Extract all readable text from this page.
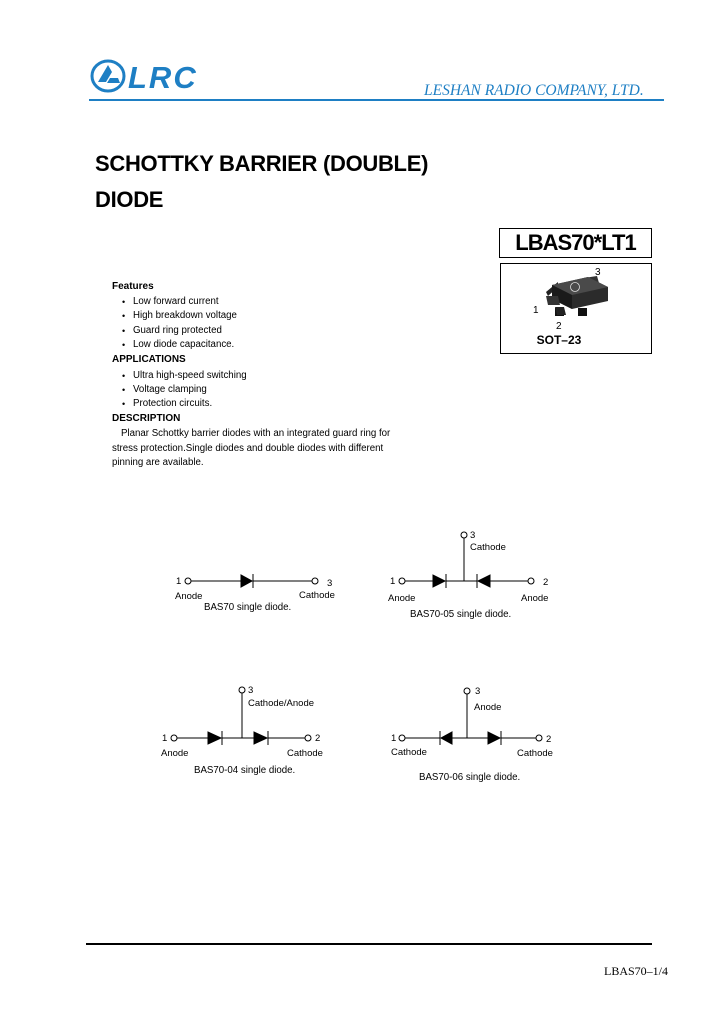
LRC	LESHAN RADIO COMPANY, LTD.
SCHOTTKY BARRIER (DOUBLE)
DIODE
LBAS70*LT1
3
1
2
SOT–23
Features
• Low forward current
• High breakdown voltage
• Guard ring protected
• Low diode capacitance.
APPLICATIONS
• Ultra high-speed switching
• Voltage clamping
• Protection circuits.
DESCRIPTION
Planar Schottky barrier diodes with an integrated guard ring for
stress protection.Single diodes and double diodes with different
pinning are available.
1	3
Anode	Cathode
BAS70 single diode.
1	2
3
Cathode
Anode	Anode
BAS70-05 single diode.
1	2
3
Cathode/Anode
Anode	Cathode
BAS70-04 single diode.
1	2
3
Anode
Cathode	Cathode
BAS70-06 single diode.
LBAS70–1/4
